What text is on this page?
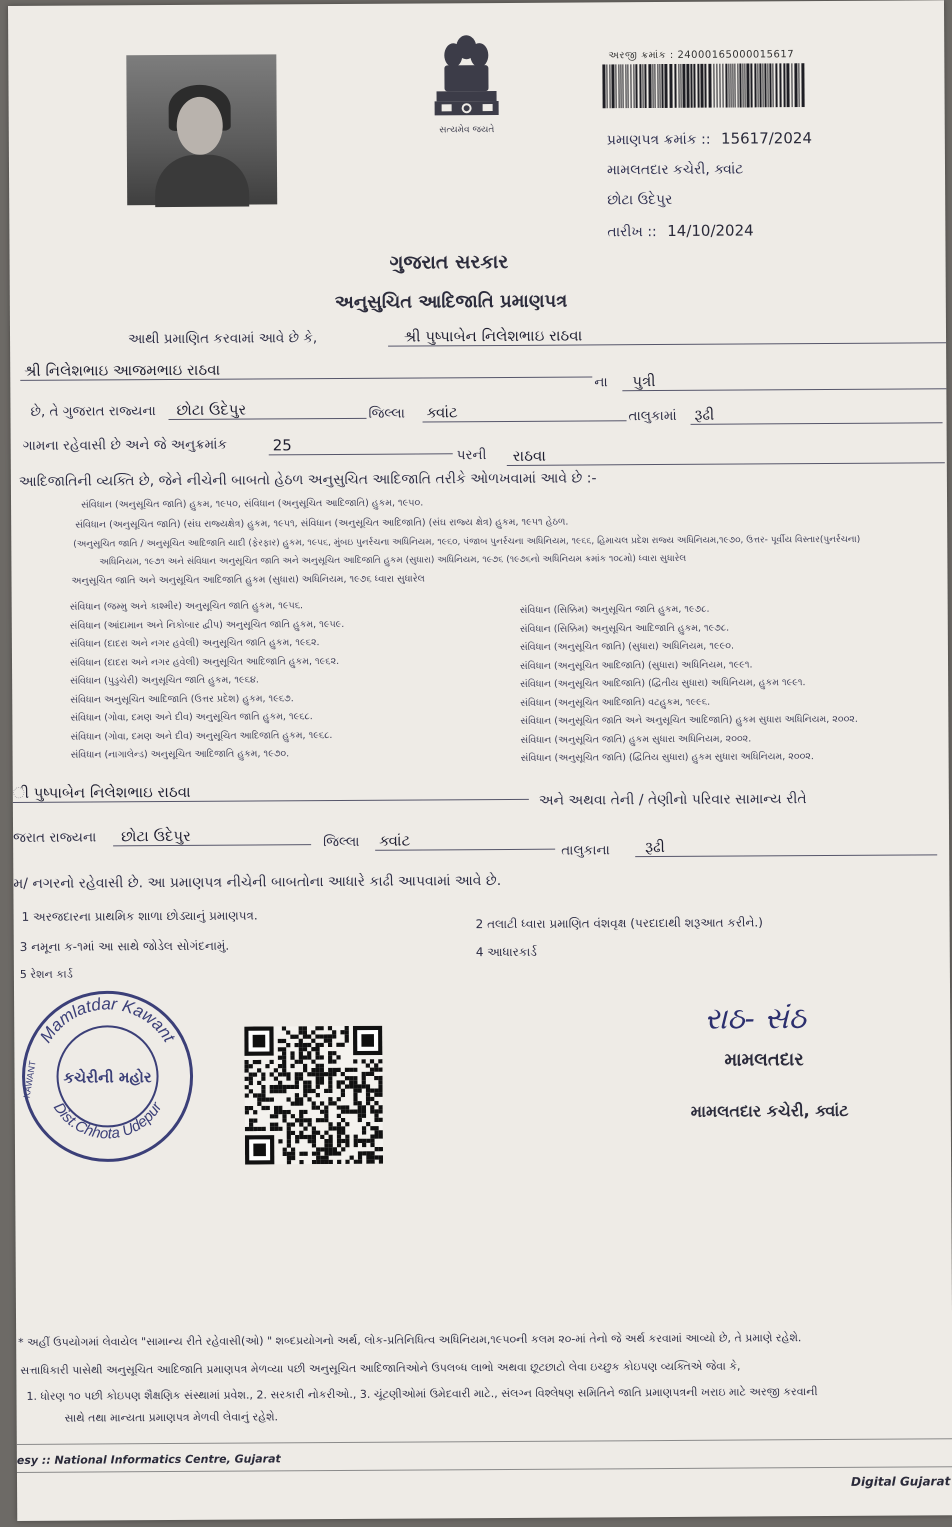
સત્યમેવ જયતે
અરજી ક્રમાંક : 24000165000015617
પ્રમાણપત્ર ક્રમાંક :: 15617/2024
મામલતદાર કચેરી, ક્વાંટ
છોટા ઉદેપુર
તારીખ :: 14/10/2024
ગુજરાત સરકાર
અનુસુચિત આદિજાતિ પ્રમાણપત્ર
આથી પ્રમાણિત કરવામાં આવે છે કે,	શ્રી પુષ્પાબેન નિલેશભાઇ રાઠવા
શ્રી નિલેશભાઇ આજમભાઇ રાઠવા
ના	પુત્રી
છે, તે ગુજરાત રાજ્યના	છોટા ઉદેપુર	જિલ્લા ક્વાંટ	તાલુકામાં રૂઢી
ગામના રહેવાસી છે અને જે અનુક્રમાંક	25
પરની	રાઠવા
આદિજાતિની વ્યક્તિ છે, જેને નીચેની બાબતો હેઠળ અનુસુચિત આદિજાતિ તરીકે ઓળખવામાં આવે છે :-
સંવિધાન (અનુસૂચિત જાતિ) હુકમ, ૧૯૫૦, સંવિધાન (અનુસૂચિત આદિજાતિ) હુકમ, ૧૯૫૦.
સંવિધાન (અનુસૂચિત જાતિ) (સંઘ રાજ્યક્ષેત્ર) હુકમ, ૧૯૫૧, સંવિધાન (અનુસૂચિત આદિજાતિ) (સંઘ રાજ્ય ક્ષેત્ર) હુકમ, ૧૯૫૧ હેઠળ.
(અનુસૂચિત જાતિ / અનુસૂચિત આદિજાતિ યાદી (ફેરફાર) હુકમ, ૧૯૫૬, મુંબઇ પુનર્રચના અધિનિયમ, ૧૯૬૦, પંજાબ પુનર્રચના અધિનિયમ, ૧૯૬૬, હિમાચલ પ્રદેશ રાજ્ય અધિનિયમ,૧૯૭૦, ઉત્તર- પૂર્વીય વિસ્તાર(પુનર્રચના)
અધિનિયમ, ૧૯૭૧ અને સંવિધાન અનુસૂચિત જાતિ અને અનુસૂચિત આદિજાતિ હુકમ (સુધારા) અધિનિયમ, ૧૯૭૬ (૧૯૭૬નો અધિનિયમ ક્રમાંક ૧૦૮મો) ધ્વારા સુધારેલ
અનુસૂચિત જાતિ અને અનુસૂચિત આદિજાતિ હુકમ (સુધારા) અધિનિયમ, ૧૯૭૬ ધ્વારા સુધારેલ
સંવિધાન (જમ્મુ અને કાશ્મીર) અનુસૂચિત જાતિ હુકમ, ૧૯૫૬.
સંવિધાન (આંદામાન અને નિકોબાર દ્વીપ) અનુસૂચિત જાતિ હુકમ, ૧૯૫૯.
સંવિધાન (દાદરા અને નગર હવેલી) અનુસૂચિત જાતિ હુકમ, ૧૯૬૨.
સંવિધાન (દાદરા અને નગર હવેલી) અનુસૂચિત આદિજાતિ હુકમ, ૧૯૬૨.
સંવિધાન (પુડુચેરી) અનુસૂચિત જાતિ હુકમ, ૧૯૬૪.
સંવિધાન અનુસૂચિત આદિજાતિ (ઉત્તર પ્રદેશ) હુકમ, ૧૯૬૭.
સંવિધાન (ગોવા, દમણ અને દીવ) અનુસૂચિત જાતિ હુકમ, ૧૯૬૮.
સંવિધાન (ગોવા, દમણ અને દીવ) અનુસૂચિત આદિજાતિ હુકમ, ૧૯૬૮.
સંવિધાન (નાગાલેન્ડ) અનુસૂચિત આદિજાતિ હુકમ, ૧૯૭૦.
સંવિધાન (સિક્કિમ) અનુસૂચિત જાતિ હુકમ, ૧૯૭૮.
સંવિધાન (સિક્કિમ) અનુસૂચિત આદિજાતિ હુકમ, ૧૯૭૮.
સંવિધાન (અનુસૂચિત જાતિ) (સુધારા) અધિનિયમ, ૧૯૯૦.
સંવિધાન (અનુસૂચિત આદિજાતિ) (સુધારા) અધિનિયમ, ૧૯૯૧.
સંવિધાન (અનુસૂચિત આદિજાતિ) (દ્વિતીય સુધારા) અધિનિયમ, હુકમ ૧૯૯૧.
સંવિધાન (અનુસૂચિત આદિજાતિ) વટહુકમ, ૧૯૯૬.
સંવિધાન (અનુસૂચિત જાતિ અને અનુસૂચિત આદિજાતિ) હુકમ સુધારા અધિનિયમ, ૨૦૦૨.
સંવિધાન (અનુસૂચિત જાતિ) હુકમ સુધારા અધિનિયમ, ૨૦૦૨.
સંવિધાન (અનુસૂચિત જાતિ) (દ્વિતિય સુધારા) હુકમ સુધારા અધિનિયમ, ૨૦૦૨.
ી પુષ્પાબેન નિલેશભાઇ રાઠવા	અને અથવા તેની / તેણીનો પરિવાર સામાન્ય રીતે
જરાત રાજ્યના	છોટા ઉદેપુર	જિલ્લા ક્વાંટ
તાલુકાના	રૂઢી
મ/ નગરનો રહેવાસી છે. આ પ્રમાણપત્ર નીચેની બાબતોના આધારે કાઢી આપવામાં આવે છે.
1 અરજદારના પ્રાથમિક શાળા છોડ્યાનું પ્રમાણપત્ર.	2 તલાટી ધ્વારા પ્રમાણિત વંશવૃક્ષ (પરદાદાથી શરૂઆત કરીને.)
3 નમૂના ક-૧માં આ સાથે જોડેલ સોગંદનામું.	4 આધારકાર્ડ
5 રેશન કાર્ડ
Mamlatdar Kawant
Dist.Chhota Udepur
કચેરીની મહોર
KAWANT
રાઠ- સંઠ
મામલતદાર
મામલતદાર કચેરી, ક્વાંટ
* અહીં ઉપયોગમાં લેવાયેલ "સામાન્ય રીતે રહેવાસી(ઓ) " શબ્દપ્રયોગનો અર્થ, લોક-પ્રતિનિધિત્વ અધિનિયમ,૧૯૫૦ની કલમ ૨૦-માં તેનો જે અર્થ કરવામાં આવ્યો છે, તે પ્રમાણે રહેશે.
સત્તાધિકારી પાસેથી અનુસૂચિત આદિજાતિ પ્રમાણપત્ર મેળવ્યા પછી અનુસૂચિત આદિજાતિઓને ઉપલબ્ધ લાભો અથવા છૂટછાટો લેવા ઇચ્છુક કોઇપણ વ્યક્તિએ જેવા કે,
1. ધોરણ ૧૦ પછી કોઇપણ શૈક્ષણિક સંસ્થામાં પ્રવેશ., 2. સરકારી નોકરીઓ., 3. ચૂંટણીઓમાં ઉમેદવારી માટે., સંલગ્ન વિશ્લેષણ સમિતિને જાતિ પ્રમાણપત્રની ખરાઇ માટે અરજી કરવાની
સાથે તથા માન્યતા પ્રમાણપત્ર મેળવી લેવાનું રહેશે.
esy :: National Informatics Centre, Gujarat
Digital Gujarat
